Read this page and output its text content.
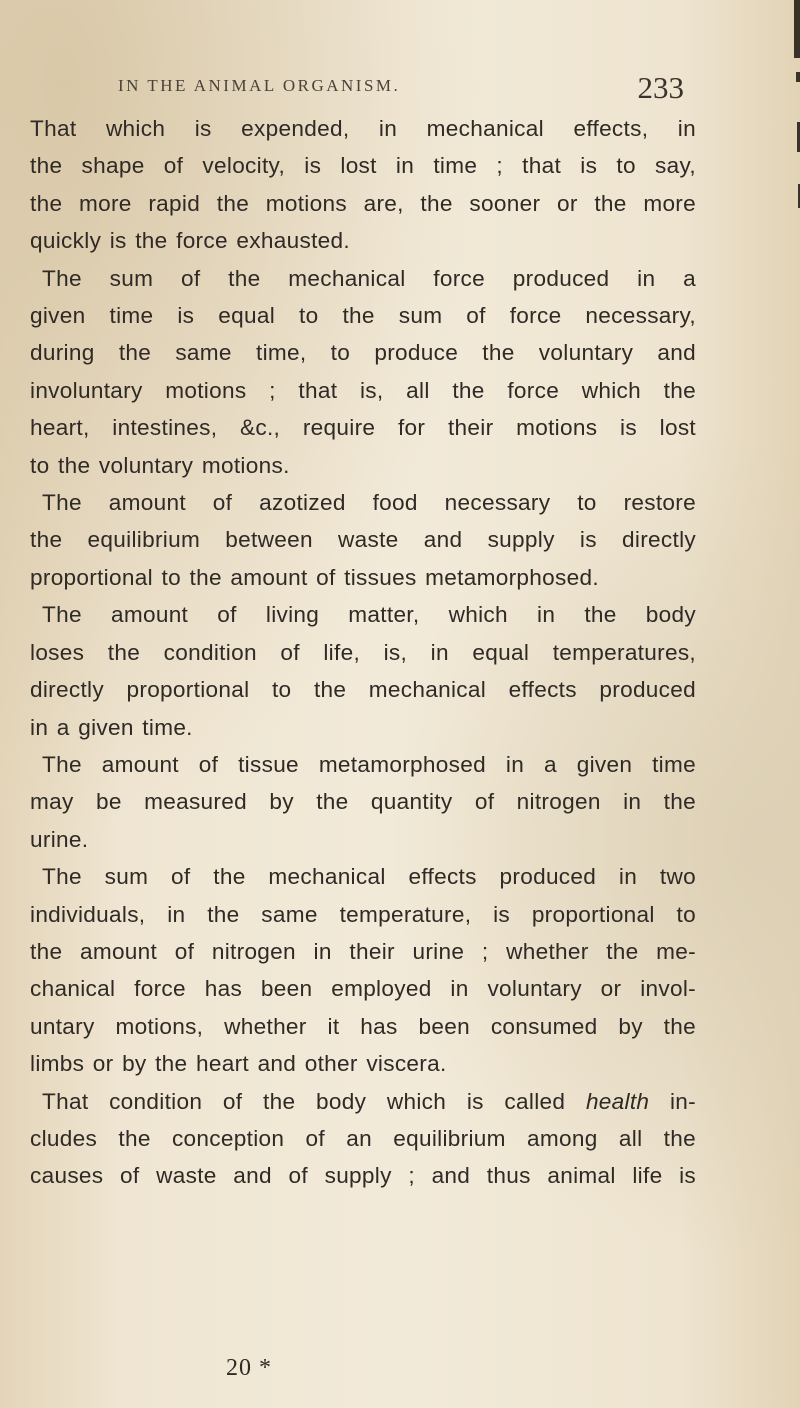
IN THE ANIMAL ORGANISM.	233
That which is expended, in mechanical effects, in
the shape of velocity, is lost in time ; that is to say,
the more rapid the motions are, the sooner or the more
quickly is the force exhausted.
The sum of the mechanical force produced in a
given time is equal to the sum of force necessary,
during the same time, to produce the voluntary and
involuntary motions ; that is, all the force which the
heart, intestines, &c., require for their motions is lost
to the voluntary motions.
The amount of azotized food necessary to restore
the equilibrium between waste and supply is directly
proportional to the amount of tissues metamorphosed.
The amount of living matter, which in the body
loses the condition of life, is, in equal temperatures,
directly proportional to the mechanical effects produced
in a given time.
The amount of tissue metamorphosed in a given time
may be measured by the quantity of nitrogen in the
urine.
The sum of the mechanical effects produced in two
individuals, in the same temperature, is proportional to
the amount of nitrogen in their urine ; whether the me-
chanical force has been employed in voluntary or invol-
untary motions, whether it has been consumed by the
limbs or by the heart and other viscera.
That condition of the body which is called health in-
cludes the conception of an equilibrium among all the
causes of waste and of supply ; and thus animal life is
20 *
